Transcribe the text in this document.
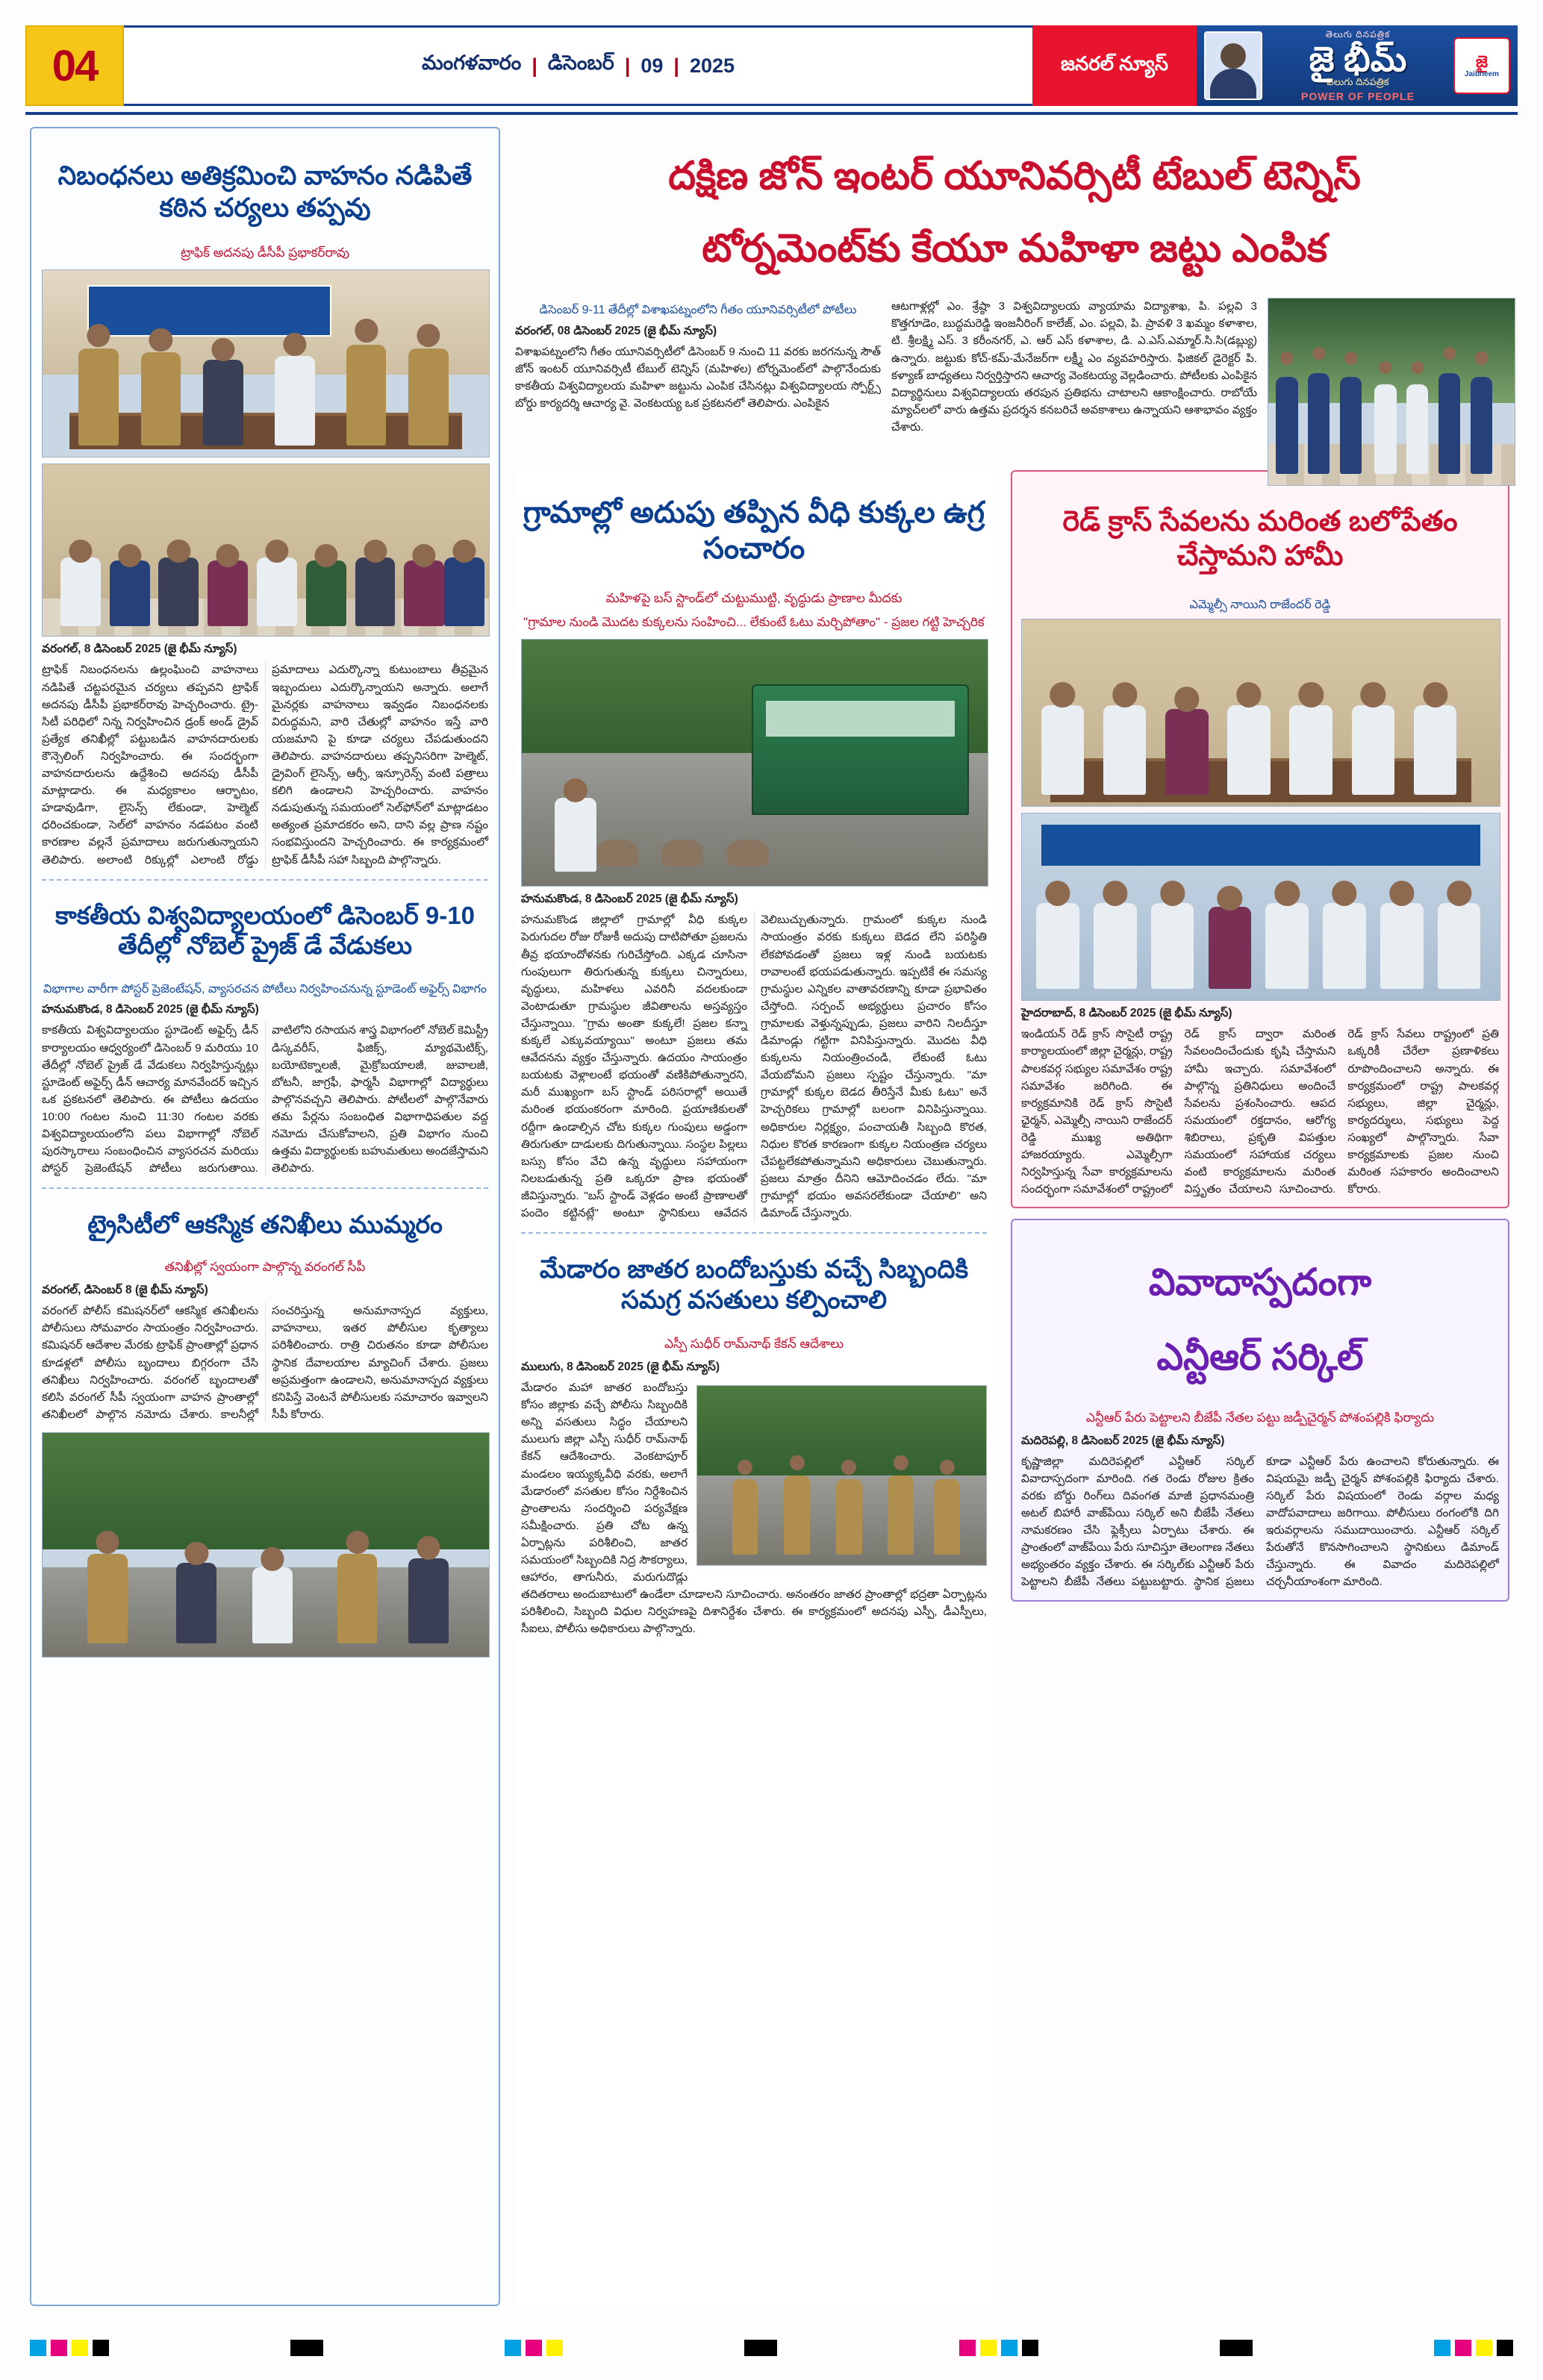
04	మంగళవారం | డిసెంబర్ | 09 | 2025	జనరల్ న్యూస్
తెలుగు దినపత్రిక
జై భీమ్
వెలుగు దినపత్రిక
POWER OF PEOPLE
జై
Jaibheem
నిబంధనలు అతిక్రమించి వాహనం నడిపితే కఠిన చర్యలు తప్పవు
ట్రాఫిక్ అదనపు డీసీపీ ప్రభాకర్‌రావు
వరంగల్, 8 డిసెంబర్ 2025 (జై భీమ్ న్యూస్)
ట్రాఫిక్ నిబంధనలను ఉల్లంఘించి వాహనాలు నడిపితే చట్టపరమైన చర్యలు తప్పవని ట్రాఫిక్ అదనపు డీసీపీ ప్రభాకర్‌రావు హెచ్చరించారు. ట్రై-సిటీ పరిధిలో నిన్న నిర్వహించిన డ్రంక్ అండ్ డ్రైవ్ ప్రత్యేక తనిఖీల్లో పట్టుబడిన వాహనదారులకు కౌన్సెలింగ్ నిర్వహించారు. ఈ సందర్భంగా వాహనదారులను ఉద్దేశించి అదనపు డీసీపీ మాట్లాడారు. ఈ మధ్యకాలం ఆర్భాటం, హడావుడిగా, లైసెన్స్ లేకుండా, హెల్మెట్ ధరించకుండా, సెల్‌లో వాహనం నడపటం వంటి కారణాల వల్లనే ప్రమాదాలు జరుగుతున్నాయని తెలిపారు. అలాంటి రిక్కుల్లో ఎలాంటి రోడ్డు ప్రమాదాలు ఎదుర్కొన్నా కుటుంబాలు తీవ్రమైన ఇబ్బందులు ఎదుర్కొన్నాయని అన్నారు. అలాగే మైనర్లకు వాహనాలు ఇవ్వడం నిబంధనలకు విరుద్ధమని, వారి చేతుల్లో వాహనం ఇస్తే వారి యజమాని పై కూడా చర్యలు చేపడుతుందని తెలిపారు. వాహనదారులు తప్పనిసరిగా హెల్మెట్, డ్రైవింగ్ లైసెన్స్, ఆర్సీ, ఇన్సూరెన్స్ వంటి పత్రాలు కలిగి ఉండాలని హెచ్చరించారు. వాహనం నడుపుతున్న సమయంలో సెల్‌ఫోన్‌లో మాట్లాడటం అత్యంత ప్రమాదకరం అని, దాని వల్ల ప్రాణ నష్టం సంభవిస్తుందని హెచ్చరించారు. ఈ కార్యక్రమంలో ట్రాఫిక్ డీసీపీ సహా సిబ్బంది పాల్గొన్నారు.
కాకతీయ విశ్వవిద్యాలయంలో డిసెంబర్ 9-10 తేదీల్లో నోబెల్ ప్రైజ్ డే వేడుకలు
విభాగాల వారీగా పోస్టర్ ప్రెజెంటేషన్, వ్యాసరచన పోటీలు నిర్వహించనున్న స్టూడెంట్ అఫైర్స్ విభాగం
హనుమకొండ, 8 డిసెంబర్ 2025 (జై భీమ్ న్యూస్)
కాకతీయ విశ్వవిద్యాలయం స్టూడెంట్ అఫైర్స్ డీన్ కార్యాలయం ఆధ్వర్యంలో డిసెంబర్ 9 మరియు 10 తేదీల్లో నోబెల్ ప్రైజ్ డే వేడుకలు నిర్వహిస్తున్నట్లు స్టూడెంట్ అఫైర్స్ డీన్ ఆచార్య మానవేందర్ ఇచ్చిన ఒక ప్రకటనలో తెలిపారు. ఈ పోటీలు ఉదయం 10:00 గంటల నుంచి 11:30 గంటల వరకు విశ్వవిద్యాలయంలోని పలు విభాగాల్లో నోబెల్ పురస్కారాలు సంబంధించిన వ్యాసరచన మరియు పోస్టర్ ప్రెజెంటేషన్ పోటీలు జరుగుతాయి. వాటిలోని రసాయన శాస్త్ర విభాగంలో నోబెల్ కెమిస్ట్రీ డిస్కవరీస్, ఫిజిక్స్, మ్యాథమెటిక్స్, బయోటెక్నాలజీ, మైక్రోబయాలజీ, జువాలజీ, బోటనీ, జాగ్రఫీ, ఫార్మసీ విభాగాల్లో విద్యార్థులు పాల్గొనవచ్చని తెలిపారు. పోటీలలో పాల్గొనేవారు తమ పేర్లను సంబంధిత విభాగాధిపతుల వద్ద నమోదు చేసుకోవాలని, ప్రతి విభాగం నుంచి ఉత్తమ విద్యార్థులకు బహుమతులు అందజేస్తామని తెలిపారు.
ట్రైసిటీలో ఆకస్మిక తనిఖీలు ముమ్మరం
తనిఖీల్లో స్వయంగా పాల్గొన్న వరంగల్ సీపీ
వరంగల్, డిసెంబర్ 8 (జై భీమ్ న్యూస్)
వరంగల్ పోలీస్ కమిషనర్‌లో ఆకస్మిక తనిఖీలను పోలీసులు సోమవారం సాయంత్రం నిర్వహించారు. కమిషనర్ ఆదేశాల మేరకు ట్రాఫిక్ ప్రాంతాల్లో ప్రధాన కూడళ్లలో పోలీసు బృందాలు బిగ్గరంగా చేసి తనిఖీలు నిర్వహించారు. వరంగల్ బృందాలతో కలిసి వరంగల్ సీపీ స్వయంగా వాహన ప్రాంతాల్లో తనిఖీలలో పాల్గొన నమోదు చేశారు. కాలనీల్లో సంచరిస్తున్న అనుమానాస్పద వ్యక్తులు, వాహనాలు, ఇతర పోలీసుల కృత్యాలు పరిశీలించారు. రాత్రి చిరుతనం కూడా పోలీసుల స్థానిక దేవాలయాల మ్యాచింగ్ చేశారు. ప్రజలు అప్రమత్తంగా ఉండాలని, అనుమానాస్పద వ్యక్తులు కనిపిస్తే వెంటనే పోలీసులకు సమాచారం ఇవ్వాలని సీపీ కోరారు.
దక్షిణ జోన్ ఇంటర్ యూనివర్సిటీ టేబుల్ టెన్నిస్
టోర్నమెంట్‌కు కేయూ మహిళా జట్టు ఎంపిక
డిసెంబర్ 9-11 తేదీల్లో విశాఖపట్నంలోని గీతం యూనివర్సిటీలో పోటీలు
వరంగల్, 08 డిసెంబర్ 2025 (జై భీమ్ న్యూస్)
విశాఖపట్నంలోని గీతం యూనివర్సిటీలో డిసెంబర్ 9 నుంచి 11 వరకు జరగనున్న సౌత్ జోన్ ఇంటర్ యూనివర్సిటీ టేబుల్ టెన్నిస్ (మహిళల) టోర్నమెంట్‌లో పాల్గొనేందుకు కాకతీయ విశ్వవిద్యాలయ మహిళా జట్టును ఎంపిక చేసినట్లు విశ్వవిద్యాలయ స్పోర్ట్స్ బోర్డు కార్యదర్శి ఆచార్య వై. వెంకటయ్య ఒక ప్రకటనలో తెలిపారు. ఎంపికైన
ఆటగాళ్లల్లో ఎం. శ్రేష్ఠా 3 విశ్వవిద్యాలయ వ్యాయామ విద్యాశాఖ, పి. పల్లవి 3 కొత్తగూడెం, బుద్ధమరెడ్డి ఇంజనీరింగ్ కాలేజ్, ఎం. పల్లవి, పి. ప్రావళి 3 ఖమ్మం కళాశాల, టి. శ్రీలక్ష్మి ఎస్. 3 కరీంనగర్, ఎ. ఆర్ ఎస్ కళాశాల, డి. ఎ.ఎస్.ఎమ్మార్.సి.సి(డబ్ల్యు) ఉన్నారు. జట్టుకు కోచ్-కమ్-మేనేజర్‌గా లక్ష్మీ ఎం వ్యవహరిస్తారు. ఫిజికల్ డైరెక్టర్ పి. కళ్యాణ్ బాధ్యతలు నిర్వర్తిస్తారని ఆచార్య వెంకటయ్య వెల్లడించారు. పోటీలకు ఎంపికైన విద్యార్థినులు విశ్వవిద్యాలయ తరపున ప్రతిభను చాటాలని ఆకాంక్షించారు. రాబోయే మ్యాచ్‌లలో వారు ఉత్తమ ప్రదర్శన కనబరిచే అవకాశాలు ఉన్నాయని ఆశాభావం వ్యక్తం చేశారు.
గ్రామాల్లో అదుపు తప్పిన వీధి కుక్కల ఉగ్ర సంచారం
మహిళపై బస్ స్టాండ్‌లో చుట్టుముట్టి, వృద్ధుడు ప్రాణాల మీదకు
"గ్రామాల నుండి మొదట కుక్కలను సంహించి... లేకుంటే ఓటు మర్చిపోతాం" - ప్రజల గట్టి హెచ్చరిక
హనుమకొండ, 8 డిసెంబర్ 2025 (జై భీమ్ న్యూస్)
హనుమకొండ జిల్లాలో గ్రామాల్లో వీధి కుక్కల పెరుగుదల రోజు రోజుకీ అదుపు దాటిపోతూ ప్రజలను తీవ్ర భయాందోళనకు గురిచేస్తోంది. ఎక్కడ చూసినా గుంపులుగా తిరుగుతున్న కుక్కలు చిన్నారులు, వృద్ధులు, మహిళలు ఎవరినీ వదలకుండా వెంటాడుతూ గ్రామస్థుల జీవితాలను అస్తవ్యస్తం చేస్తున్నాయి. "గ్రామ అంతా కుక్కలే! ప్రజల కన్నా కుక్కలే ఎక్కువయ్యాయి" అంటూ ప్రజలు తమ ఆవేదనను వ్యక్తం చేస్తున్నారు. ఉదయం సాయంత్రం బయటకు వెళ్లాలంటే భయంతో వణికిపోతున్నారని, మరీ ముఖ్యంగా బస్ స్టాండ్ పరిసరాల్లో అయితే మరింత భయంకరంగా మారింది. ప్రయాణికులతో రద్దీగా ఉండాల్సిన చోట కుక్కల గుంపులు అడ్డంగా తిరుగుతూ దాడులకు దిగుతున్నాయి. సంస్థల పిల్లలు బస్సు కోసం వేచి ఉన్న వృద్ధులు సహాయంగా నిలబడుతున్న ప్రతి ఒక్కరూ ప్రాణ భయంతో జీవిస్తున్నారు. "బస్ స్టాండ్ వెళ్లడం అంటే ప్రాణాలతో పందెం కట్టినట్లే" అంటూ స్థానికులు ఆవేదన వెలిబుచ్చుతున్నారు. గ్రామంలో కుక్కల నుండి సాయంత్రం వరకు కుక్కలు బెడద లేని పరిస్థితి లేకపోవడంతో ప్రజలు ఇళ్ల నుండి బయటకు రావాలంటే భయపడుతున్నారు. ఇప్పటికే ఈ సమస్య గ్రామస్థుల ఎన్నికల వాతావరణాన్ని కూడా ప్రభావితం చేస్తోంది. సర్పంచ్ అభ్యర్థులు ప్రచారం కోసం గ్రామాలకు వెళ్తున్నప్పుడు, ప్రజలు వారిని నిలదీస్తూ డిమాండ్లు గట్టిగా వినిపిస్తున్నారు. మొదట వీధి కుక్కలను నియంత్రించండి, లేకుంటే ఓటు వేయబోమని ప్రజలు స్పష్టం చేస్తున్నారు. "మా గ్రామాల్లో కుక్కల బెడద తీరిస్తేనే మీకు ఓటు" అనే హెచ్చరికలు గ్రామాల్లో బలంగా వినిపిస్తున్నాయి. అధికారుల నిర్లక్ష్యం, పంచాయతీ సిబ్బంది కొరత, నిధుల కొరత కారణంగా కుక్కల నియంత్రణ చర్యలు చేపట్టలేకపోతున్నామని అధికారులు చెబుతున్నారు. ప్రజలు మాత్రం దీనిని ఆమోదించడం లేదు. "మా గ్రామాల్లో భయం అవసరలేకుండా చేయాలి" అని డిమాండ్ చేస్తున్నారు.
మేడారం జాతర బందోబస్తుకు వచ్చే సిబ్బందికి సమగ్ర వసతులు కల్పించాలి
ఎస్పీ సుధీర్ రామ్‌నాథ్ కేకన్ ఆదేశాలు
ములుగు, 8 డిసెంబర్ 2025 (జై భీమ్ న్యూస్)
మేడారం మహా జాతర బందోబస్తు కోసం జిల్లాకు వచ్చే పోలీసు సిబ్బందికి అన్ని వసతులు సిద్ధం చేయాలని ములుగు జిల్లా ఎస్పీ సుధీర్ రామ్‌నాథ్ కేకన్ ఆదేశించారు. వెంకటాపూర్ మండలం ఇయ్యక్కవీధి వరకు, అలాగే మేడారంలో వసతుల కోసం నిర్దేశించిన ప్రాంతాలను సందర్శించి పర్యవేక్షణ సమీక్షించారు. ప్రతి చోట ఉన్న ఏర్పాట్లను పరిశీలించి, జాతర సమయంలో సిబ్బందికి నిద్ర సౌకర్యాలు, ఆహారం, తాగునీరు, మరుగుదొడ్లు తదితరాలు అందుబాటులో ఉండేలా చూడాలని సూచించారు. అనంతరం జాతర ప్రాంతాల్లో భద్రతా ఏర్పాట్లను పరిశీలించి, సిబ్బంది విధుల నిర్వహణపై దిశానిర్దేశం చేశారు. ఈ కార్యక్రమంలో అదనపు ఎస్పీ, డీఎస్పీలు, సీఐలు, పోలీసు అధికారులు పాల్గొన్నారు.
రెడ్ క్రాస్ సేవలను మరింత బలోపేతం చేస్తామని హామీ
ఎమ్మెల్సీ నాయిని రాజేందర్ రెడ్డి
హైదరాబాద్, 8 డిసెంబర్ 2025 (జై భీమ్ న్యూస్)
ఇండియన్ రెడ్ క్రాస్ సొసైటీ రాష్ట్ర కార్యాలయంలో జిల్లా చైర్మన్లు, రాష్ట్ర పాలకవర్గ సభ్యుల సమావేశం రాష్ట్ర సమావేశం జరిగింది. ఈ కార్యక్రమానికి రెడ్ క్రాస్ సొసైటీ ఛైర్మన్, ఎమ్మెల్సీ నాయిని రాజేందర్ రెడ్డి ముఖ్య అతిథిగా హాజరయ్యారు. ఎమ్మెల్సీగా నిర్వహిస్తున్న సేవా కార్యక్రమాలను సందర్భంగా సమావేశంలో రాష్ట్రంలో రెడ్ క్రాస్ ద్వారా మరింత సేవలందించేందుకు కృషి చేస్తామని హామీ ఇచ్చారు. సమావేశంలో పాల్గొన్న ప్రతినిధులు అందించే సేవలను ప్రశంసించారు. ఆపద సమయంలో రక్తదానం, ఆరోగ్య శిబిరాలు, ప్రకృతి విపత్తుల సమయంలో సహాయక చర్యలు వంటి కార్యక్రమాలను మరింత విస్తృతం చేయాలని సూచించారు. రెడ్ క్రాస్ సేవలు రాష్ట్రంలో ప్రతి ఒక్కరికీ చేరేలా ప్రణాళికలు రూపొందించాలని అన్నారు. ఈ కార్యక్రమంలో రాష్ట్ర పాలకవర్గ సభ్యులు, జిల్లా చైర్మన్లు, కార్యదర్శులు, సభ్యులు పెద్ద సంఖ్యలో పాల్గొన్నారు. సేవా కార్యక్రమాలకు ప్రజల నుంచి మరింత సహకారం అందించాలని కోరారు.
వివాదాస్పదంగా
ఎన్టీఆర్ సర్కిల్
ఎన్టీఆర్ పేరు పెట్టాలని బీజేపీ నేతల పట్టు జడ్పీచైర్మన్ పోశంపల్లికి ఫిర్యాదు
మదిరెపల్లి, 8 డిసెంబర్ 2025 (జై భీమ్ న్యూస్)
కృష్ణాజిల్లా మదిరెపల్లిలో ఎన్టీఆర్ సర్కిల్ వివాదాస్పదంగా మారింది. గత రెండు రోజుల క్రితం వరకు బోర్డు రింగ్‌లు దివంగత మాజీ ప్రధానమంత్రి అటల్ బిహారీ వాజ్‌పేయి సర్కిల్ అని బీజేపీ నేతలు నామకరణం చేసి ఫ్లెక్సీలు ఏర్పాటు చేశారు. ఈ ప్రాంతంలో వాజ్‌పేయి పేరు సూచిస్తూ తెలంగాణ నేతలు అభ్యంతరం వ్యక్తం చేశారు. ఈ సర్కిల్‌కు ఎన్టీఆర్ పేరు పెట్టాలని బీజేపీ నేతలు పట్టుబట్టారు. స్థానిక ప్రజలు కూడా ఎన్టీఆర్ పేరు ఉంచాలని కోరుతున్నారు. ఈ విషయమై జడ్పీ చైర్మన్ పోశంపల్లికి ఫిర్యాదు చేశారు. సర్కిల్ పేరు విషయంలో రెండు వర్గాల మధ్య వాదోపవాదాలు జరిగాయి. పోలీసులు రంగంలోకి దిగి ఇరువర్గాలను సముదాయించారు. ఎన్టీఆర్ సర్కిల్ పేరుతోనే కొనసాగించాలని స్థానికులు డిమాండ్ చేస్తున్నారు. ఈ వివాదం మదిరెపల్లిలో చర్చనీయాంశంగా మారింది.
